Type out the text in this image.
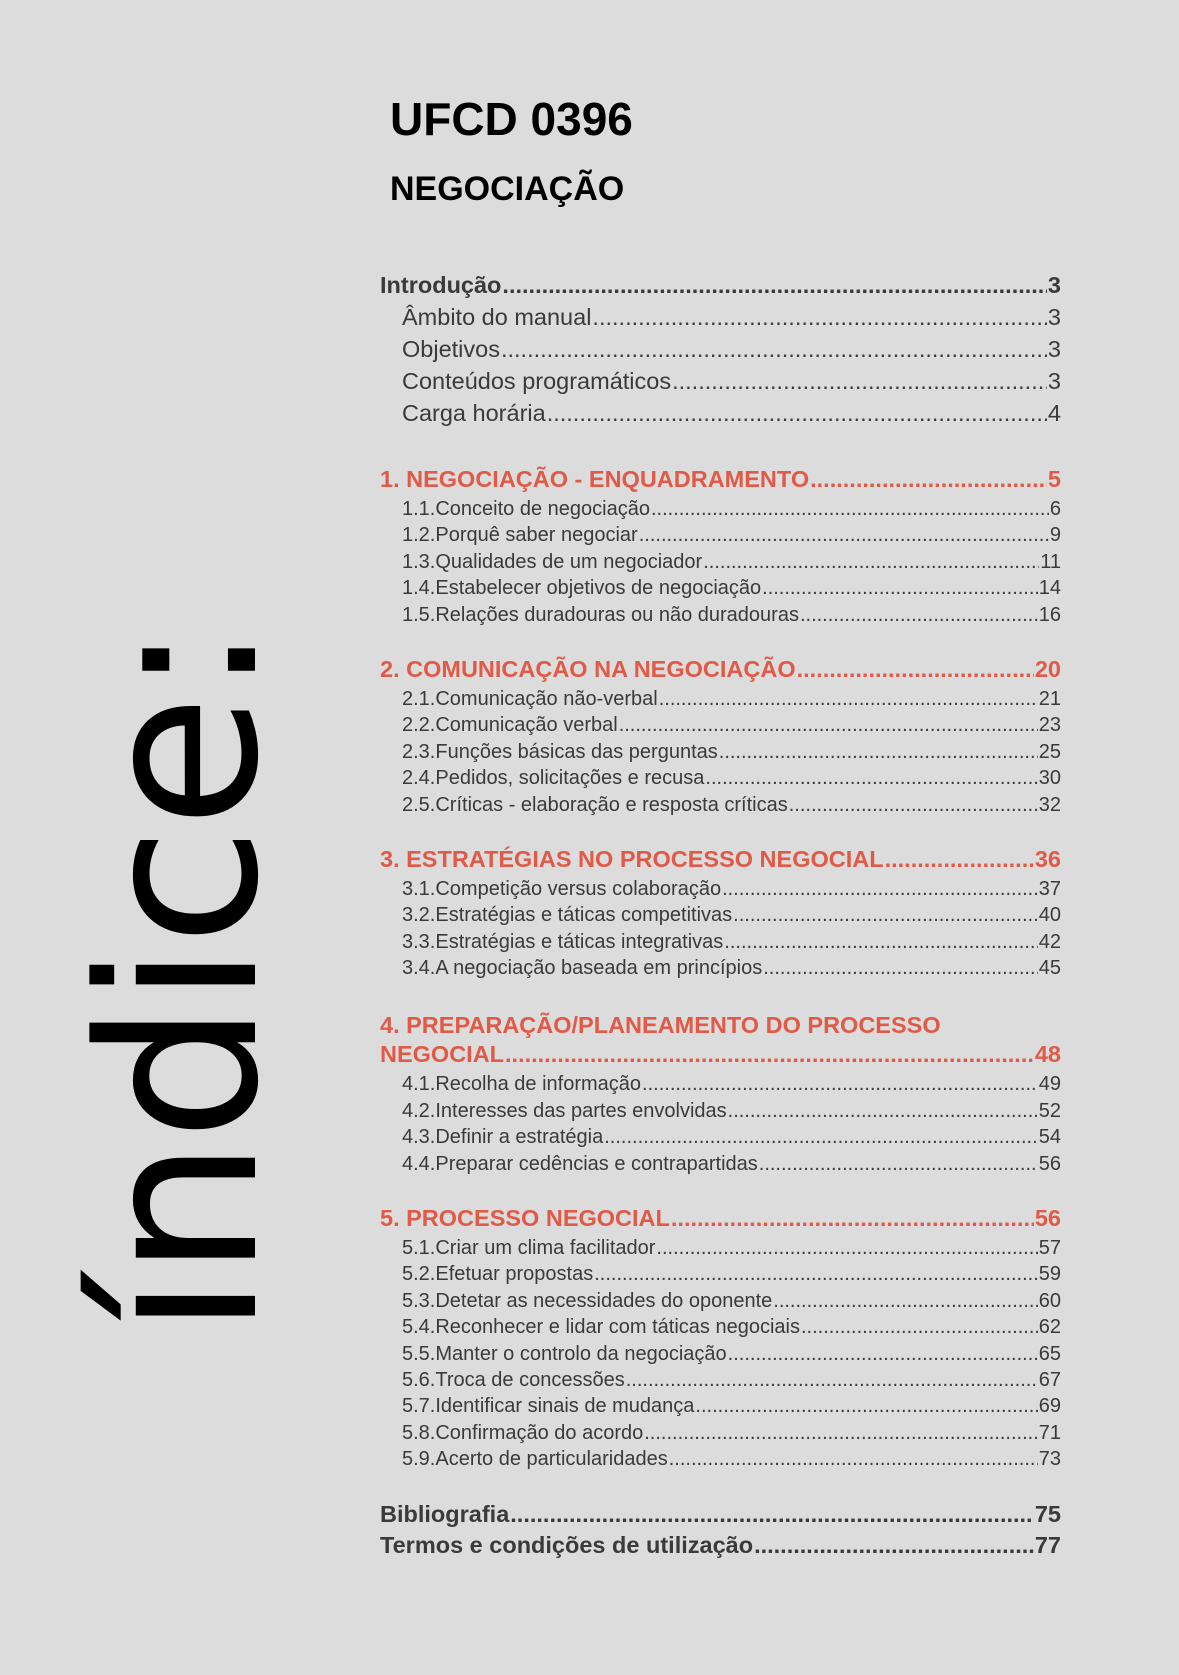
índice:
UFCD 0396
NEGOCIAÇÃO
Introdução .....	3
Âmbito do manual .....	3
Objetivos .....	3
Conteúdos programáticos .....	3
Carga horária .....	4
1. NEGOCIAÇÃO - ENQUADRAMENTO .....	5
1.1.Conceito de negociação .....	6
1.2.Porquê saber negociar .....	9
1.3.Qualidades de um negociador .....	11
1.4.Estabelecer objetivos de negociação .....	14
1.5.Relações duradouras ou não duradouras .....	16
2. COMUNICAÇÃO NA NEGOCIAÇÃO .....	20
2.1.Comunicação não-verbal .....	21
2.2.Comunicação verbal .....	23
2.3.Funções básicas das perguntas .....	25
2.4.Pedidos, solicitações e recusa .....	30
2.5.Críticas - elaboração e resposta críticas .....	32
3. ESTRATÉGIAS NO PROCESSO NEGOCIAL .....	36
3.1.Competição versus colaboração .....	37
3.2.Estratégias e táticas competitivas .....	40
3.3.Estratégias e táticas integrativas .....	42
3.4.A negociação baseada em princípios .....	45
4. PREPARAÇÃO/PLANEAMENTO DO PROCESSO
NEGOCIAL .....	48
4.1.Recolha de informação .....	49
4.2.Interesses das partes envolvidas .....	52
4.3.Definir a estratégia .....	54
4.4.Preparar cedências e contrapartidas .....	56
5. PROCESSO NEGOCIAL .....	56
5.1.Criar um clima facilitador .....	57
5.2.Efetuar propostas .....	59
5.3.Detetar as necessidades do oponente .....	60
5.4.Reconhecer e lidar com táticas negociais .....	62
5.5.Manter o controlo da negociação .....	65
5.6.Troca de concessões .....	67
5.7.Identificar sinais de mudança .....	69
5.8.Confirmação do acordo .....	71
5.9.Acerto de particularidades .....	73
Bibliografia .....	75
Termos e condições de utilização .....	77
